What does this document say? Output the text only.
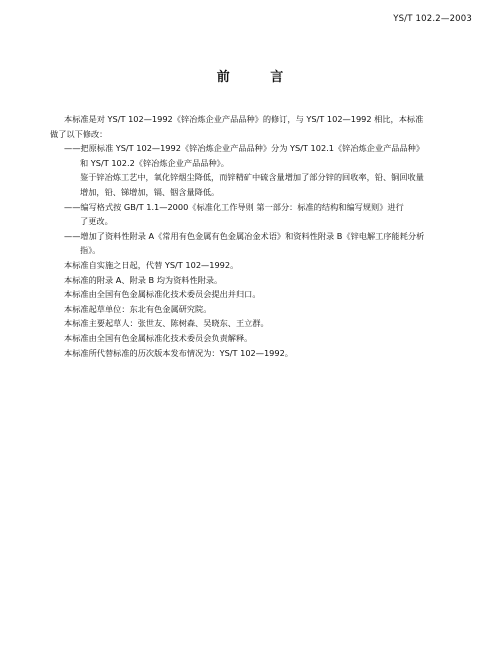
YS/T 102.2—2003
前 言

本标准是对 YS/T 102—1992《锌冶炼企业产品品种》的修订，与 YS/T 102—1992 相比，本标准

做了以下修改：

——把原标准 YS/T 102—1992《锌冶炼企业产品品种》分为 YS/T 102.1《锌冶炼企业产品品种》

和 YS/T 102.2《锌冶炼企业产品品种》。

鉴于锌冶炼工艺中，氧化锌烟尘降低，而锌精矿中硫含量增加了部分锌的回收率，铅、铜回收量

增加，铅、锑增加，镉、铟含量降低。

——编写格式按 GB/T 1.1—2000《标准化工作导则 第一部分：标准的结构和编写规则》进行

了更改。

——增加了资料性附录 A《常用有色金属有色金属冶金术语》和资料性附录 B《锌电解工序能耗分析

指》。

本标准自实施之日起，代替 YS/T 102—1992。

本标准的附录 A、附录 B 均为资料性附录。

本标准由全国有色金属标准化技术委员会提出并归口。

本标准起草单位：东北有色金属研究院。

本标准主要起草人：张世友、陈树森、吴晓东、王立群。

本标准由全国有色金属标准化技术委员会负责解释。

本标准所代替标准的历次版本发布情况为：YS/T 102—1992。
